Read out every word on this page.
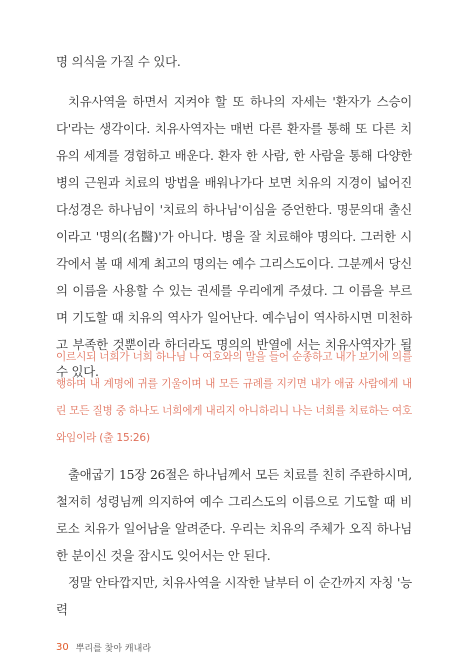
명 의식을 가질 수 있다.

치유사역을 하면서 지켜야 할 또 하나의 자세는 '환자가 스승이다'라는 생각이다. 치유사역자는 매번 다른 환자를 통해 또 다른 치유의 세계를 경험하고 배운다. 환자 한 사람, 한 사람을 통해 다양한 병의 근원과 치료의 방법을 배워나가다 보면 치유의 지경이 넓어진다.

성경은 하나님이 '치료의 하나님'이심을 증언한다. 명문의대 출신이라고 '명의(名醫)'가 아니다. 병을 잘 치료해야 명의다. 그러한 시각에서 볼 때 세계 최고의 명의는 예수 그리스도이다. 그분께서 당신의 이름을 사용할 수 있는 권세를 우리에게 주셨다. 그 이름을 부르며 기도할 때 치유의 역사가 일어난다. 예수님이 역사하시면 미천하고 부족한 것뿐이라 하더라도 명의의 반열에 서는 치유사역자가 될 수 있다.

이르시되 너희가 너희 하나님 나 여호와의 말을 들어 순종하고 내가 보기에 의를 행하며 내 계명에 귀를 기울이며 내 모든 규례를 지키면 내가 애굽 사람에게 내린 모든 질병 중 하나도 너희에게 내리지 아니하리니 나는 너희를 치료하는 여호와임이라 (출 15:26)

출애굽기 15장 26절은 하나님께서 모든 치료를 친히 주관하시며, 철저히 성령님께 의지하여 예수 그리스도의 이름으로 기도할 때 비로소 치유가 일어남을 알려준다. 우리는 치유의 주체가 오직 하나님 한 분이신 것을 잠시도 잊어서는 안 된다.

정말 안타깝지만, 치유사역을 시작한 날부터 이 순간까지 자칭 '능력

30 뿌리를 찾아 캐내라
